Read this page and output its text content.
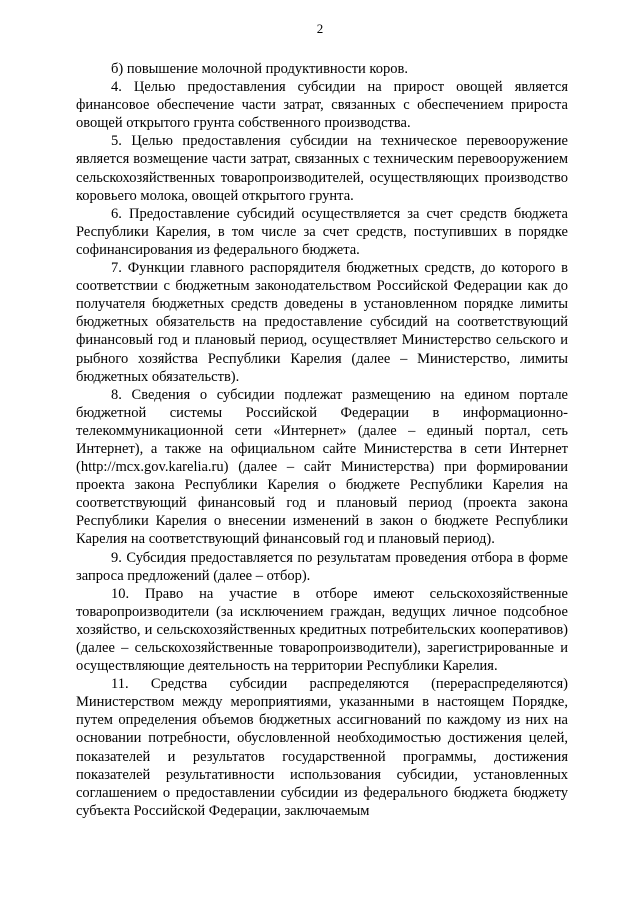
2

б) повышение молочной продуктивности коров.

4. Целью предоставления субсидии на прирост овощей является финансовое обеспечение части затрат, связанных с обеспечением прироста овощей открытого грунта собственного производства.

5. Целью предоставления субсидии на техническое перевооружение является возмещение части затрат, связанных с техническим перевооружением сельскохозяйственных товаропроизводителей, осуществляющих производство коровьего молока, овощей открытого грунта.

6. Предоставление субсидий осуществляется за счет средств бюджета Республики Карелия, в том числе за счет средств, поступивших в порядке софинансирования из федерального бюджета.

7. Функции главного распорядителя бюджетных средств, до которого в соответствии с бюджетным законодательством Российской Федерации как до получателя бюджетных средств доведены в установленном порядке лимиты бюджетных обязательств на предоставление субсидий на соответствующий финансовый год и плановый период, осуществляет Министерство сельского и рыбного хозяйства Республики Карелия (далее – Министерство, лимиты бюджетных обязательств).

8. Сведения о субсидии подлежат размещению на едином портале бюджетной системы Российской Федерации в информационно-телекоммуникационной сети «Интернет» (далее – единый портал, сеть Интернет), а также на официальном сайте Министерства в сети Интернет (http://mcx.gov.karelia.ru) (далее – сайт Министерства) при формировании проекта закона Республики Карелия о бюджете Республики Карелия на соответствующий финансовый год и плановый период (проекта закона Республики Карелия о внесении изменений в закон о бюджете Республики Карелия на соответствующий финансовый год и плановый период).

9. Субсидия предоставляется по результатам проведения отбора в форме запроса предложений (далее – отбор).

10. Право на участие в отборе имеют сельскохозяйственные товаропроизводители (за исключением граждан, ведущих личное подсобное хозяйство, и сельскохозяйственных кредитных потребительских кооперативов) (далее – сельскохозяйственные товаропроизводители), зарегистрированные и осуществляющие деятельность на территории Республики Карелия.

11. Средства субсидии распределяются (перераспределяются) Министерством между мероприятиями, указанными в настоящем Порядке, путем определения объемов бюджетных ассигнований по каждому из них на основании потребности, обусловленной необходимостью достижения целей, показателей и результатов государственной программы, достижения показателей результативности использования субсидии, установленных соглашением о предоставлении субсидии из федерального бюджета бюджету субъекта Российской Федерации, заключаемым
